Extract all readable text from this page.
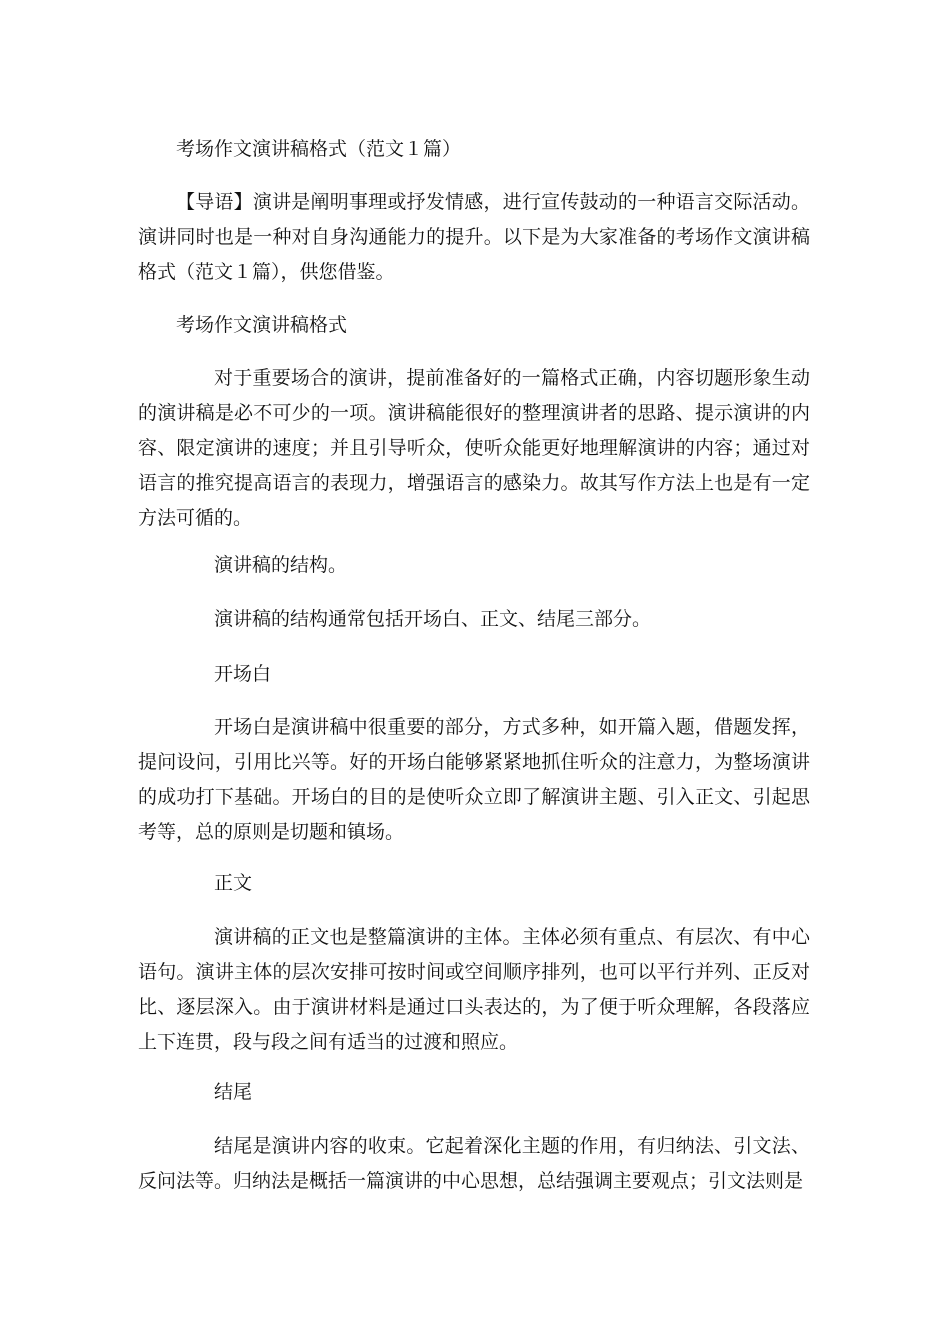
考场作文演讲稿格式（范文１篇）

【导语】演讲是阐明事理或抒发情感，进行宣传鼓动的一种语言交际活动。演讲同时也是一种对自身沟通能力的提升。以下是为大家准备的考场作文演讲稿格式（范文１篇），供您借鉴。

考场作文演讲稿格式

对于重要场合的演讲，提前准备好的一篇格式正确，内容切题形象生动的演讲稿是必不可少的一项。演讲稿能很好的整理演讲者的思路、提示演讲的内容、限定演讲的速度；并且引导听众，使听众能更好地理解演讲的内容；通过对语言的推究提高语言的表现力，增强语言的感染力。故其写作方法上也是有一定方法可循的。

演讲稿的结构。

演讲稿的结构通常包括开场白、正文、结尾三部分。

开场白

开场白是演讲稿中很重要的部分，方式多种，如开篇入题，借题发挥，提问设问，引用比兴等。好的开场白能够紧紧地抓住听众的注意力，为整场演讲的成功打下基础。开场白的目的是使听众立即了解演讲主题、引入正文、引起思考等，总的原则是切题和镇场。

正文

演讲稿的正文也是整篇演讲的主体。主体必须有重点、有层次、有中心语句。演讲主体的层次安排可按时间或空间顺序排列，也可以平行并列、正反对比、逐层深入。由于演讲材料是通过口头表达的，为了便于听众理解，各段落应上下连贯，段与段之间有适当的过渡和照应。

结尾

结尾是演讲内容的收束。它起着深化主题的作用，有归纳法、引文法、反问法等。归纳法是概括一篇演讲的中心思想，总结强调主要观点；引文法则是
